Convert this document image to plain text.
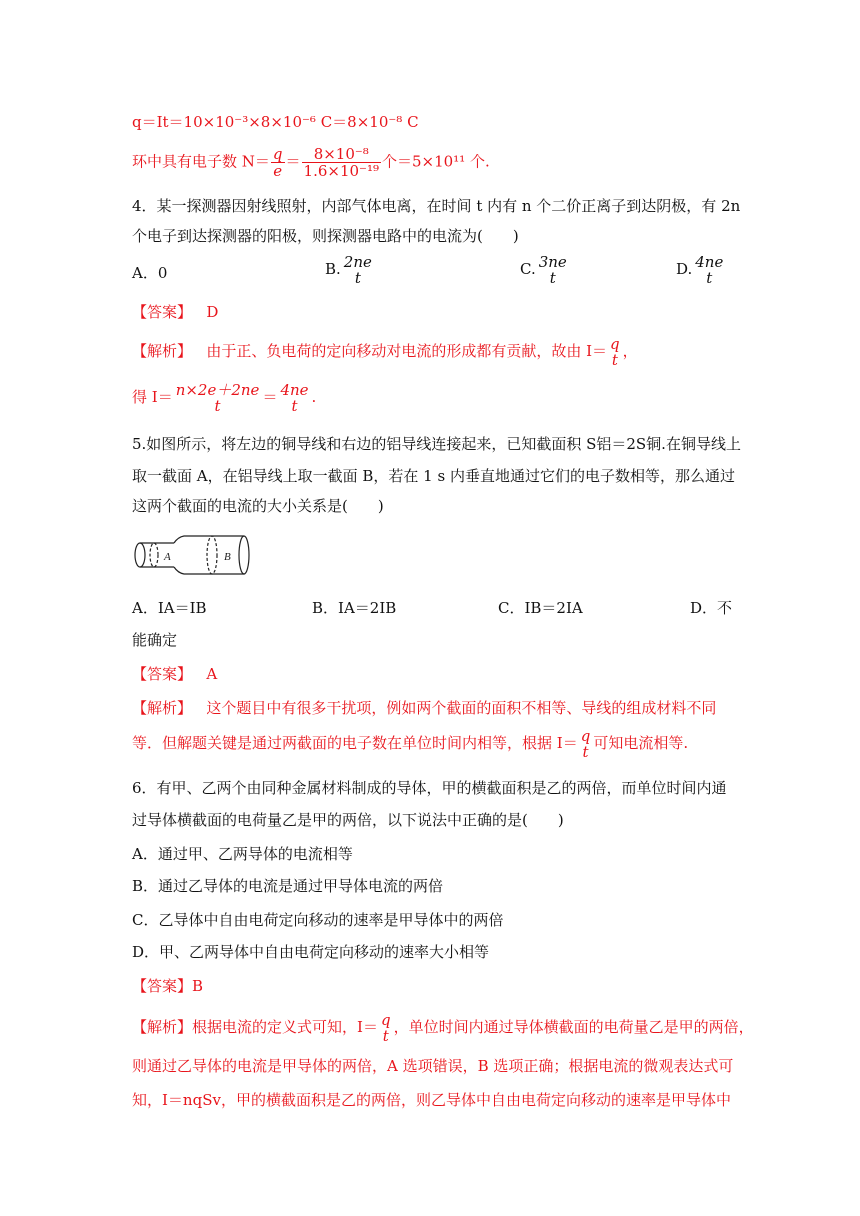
q＝It＝10×10⁻³×8×10⁻⁶ C＝8×10⁻⁸ C
环中具有电子数 $N= \frac{q}{e} = \frac{\text{8×10⁻⁸}}{\text{1.6×10⁻¹⁹}}$ 个＝5×10¹¹ 个.
4．某一探测器因射线照射，内部气体电离，在时间 t 内有 n 个二价正离子到达阴极，有 2n
个电子到达探测器的阳极，则探测器电路中的电流为(　　)
A．0	B. 2ne
t	C. 3ne
t	D. 4ne
t
【答案】 D
【解析】 由于正、负电荷的定向移动对电流的形成都有贡献，故由 I＝ q
t ，
得 I＝ n×2e＋2ne
t	＝ 4ne
t .
5.如图所示，将左边的铜导线和右边的铝导线连接起来，已知截面积 S铝＝2S铜.在铜导线上
取一截面 A，在铝导线上取一截面 B，若在 1 s 内垂直地通过它们的电子数相等，那么通过
这两个截面的电流的大小关系是(　　)
A	B
A．IA＝IB	B．IA＝2IB	C．IB＝2IA	D．不
能确定
【答案】 A
【解析】 这个题目中有很多干扰项，例如两个截面的面积不相等、导线的组成材料不同
等．但解题关键是通过两截面的电子数在单位时间内相等，根据 I＝ q
t 可知电流相等.
6．有甲、乙两个由同种金属材料制成的导体，甲的横截面积是乙的两倍，而单位时间内通
过导体横截面的电荷量乙是甲的两倍，以下说法中正确的是(　　)
A．通过甲、乙两导体的电流相等
B．通过乙导体的电流是通过甲导体电流的两倍
C．乙导体中自由电荷定向移动的速率是甲导体中的两倍
D．甲、乙两导体中自由电荷定向移动的速率大小相等
【答案】B
【解析】根据电流的定义式可知，I＝ q
t ，单位时间内通过导体横截面的电荷量乙是甲的两倍，
则通过乙导体的电流是甲导体的两倍，A 选项错误，B 选项正确；根据电流的微观表达式可
知，I＝nqSv，甲的横截面积是乙的两倍，则乙导体中自由电荷定向移动的速率是甲导体中
